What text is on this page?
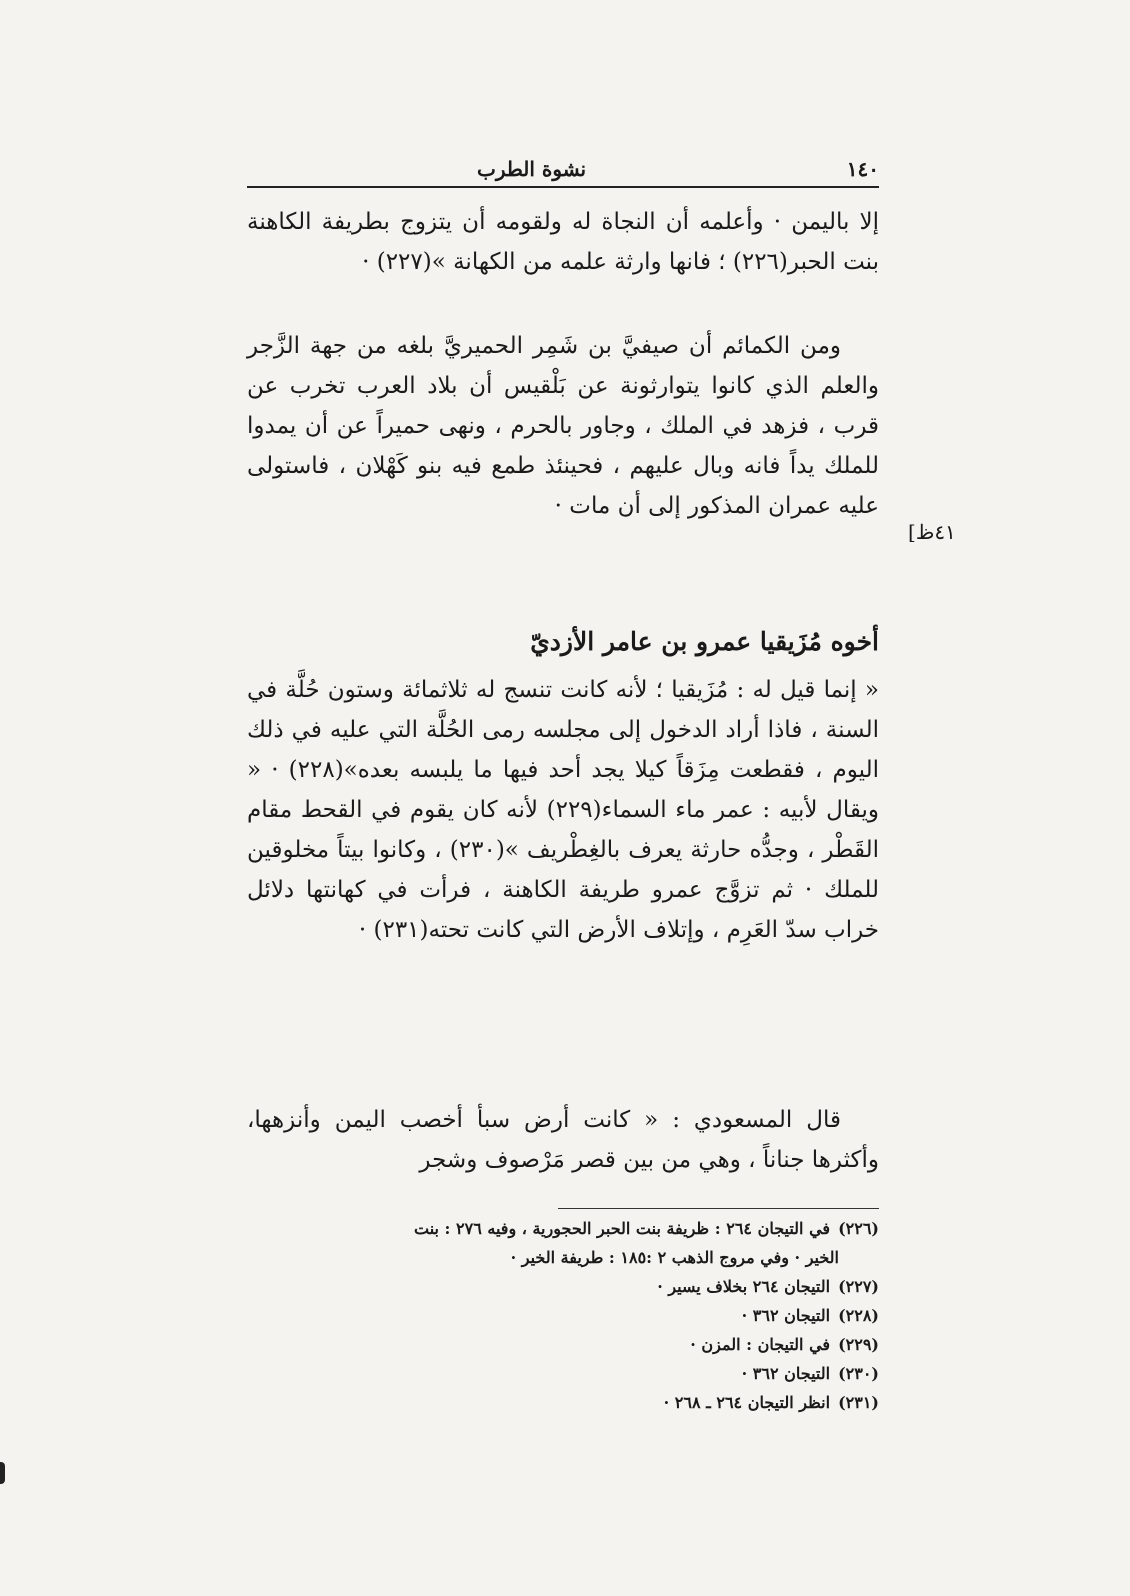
نشوة الطرب	١٤٠

إلا باليمن · وأعلمه أن النجاة له ولقومه أن يتزوج بطريفة الكاهنة بنت الحبر(٢٢٦) ؛ فانها وارثة علمه من الكهانة »(٢٢٧) ·

ومن الكمائم أن صيفيَّ بن شَمِر الحميريَّ بلغه من جهة الزَّجر والعلم الذي كانوا يتوارثونة عن بَلْقيس أن بلاد العرب تخرب عن قرب ، فزهد في الملك ، وجاور بالحرم ، ونهى حميراً عن أن يمدوا للملك يداً فانه وبال عليهم ، فحينئذ طمع فيه بنو كَهْلان ، فاستولى عليه عمران المذكور إلى أن مات ·

[٤١ظ
أخوه مُزَيقيا عمرو بن عامر الأزديّ

« إنما قيل له : مُزَيقيا ؛ لأنه كانت تنسج له ثلاثمائة وستون حُلَّة في السنة ، فاذا أراد الدخول إلى مجلسه رمى الحُلَّة التي عليه في ذلك اليوم ، فقطعت مِزَقاً كيلا يجد أحد فيها ما يلبسه بعده»(٢٢٨) · « ويقال لأبيه : عمر ماء السماء(٢٢٩) لأنه كان يقوم في القحط مقام القَطْر ، وجدُّه حارثة يعرف بالغِطْريف »(٢٣٠) ، وكانوا بيتاً مخلوقين للملك · ثم تزوَّج عمرو طريفة الكاهنة ، فرأت في كهانتها دلائل خراب سدّ العَرِم ، وإتلاف الأرض التي كانت تحته(٢٣١) ·

قال المسعودي : « كانت أرض سبأ أخصب اليمن وأنزهها، وأكثرها جناناً ، وهي من بين قصر مَرْصوف وشجر

(٢٢٦)في التيجان ٢٦٤ : ظريفة بنت الحبر الحجورية ، وفيه ٢٧٦ : بنت

الخير · وفي مروج الذهب ٢ :١٨٥ : طريفة الخير ·

(٢٢٧)التيجان ٢٦٤ بخلاف يسير ·

(٢٢٨)التيجان ٣٦٢ ·

(٢٢٩)في التيجان : المزن ·

(٢٣٠)التيجان ٣٦٢ ·

(٢٣١)انظر التيجان ٢٦٤ ـ ٢٦٨ ·
